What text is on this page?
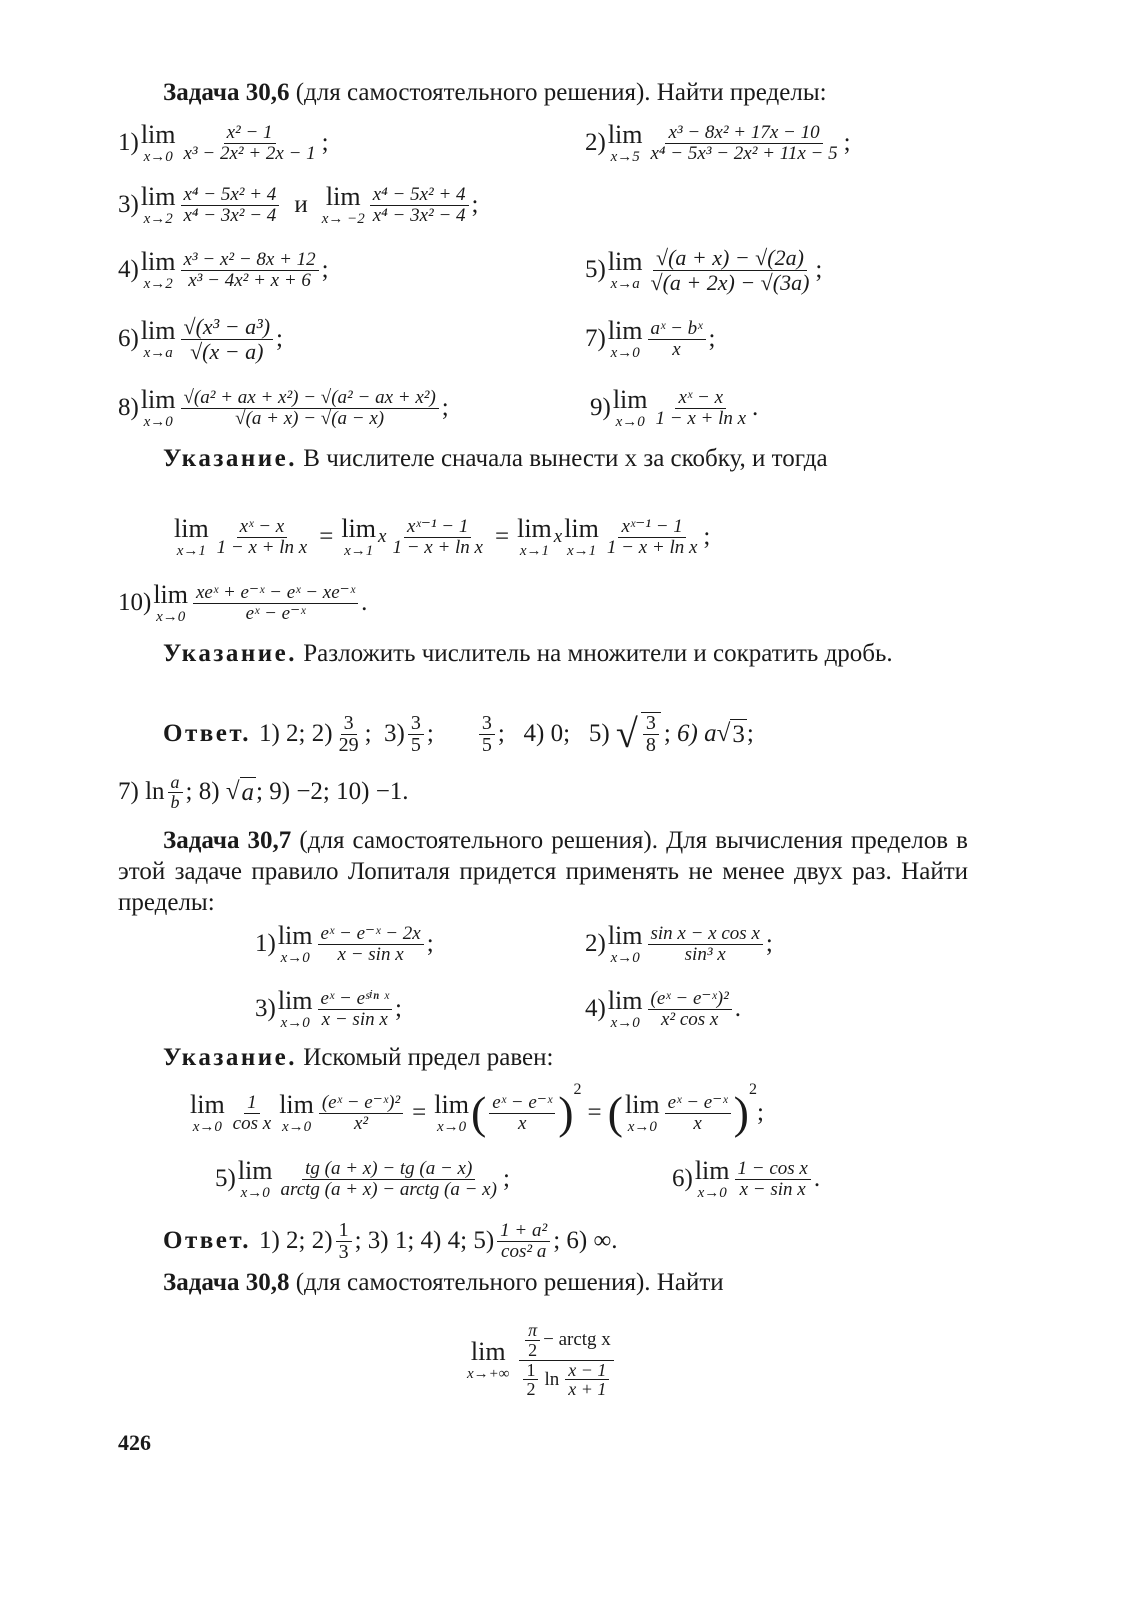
Задача 30,6 (для самостоятельного решения). Найти пределы:
1) lim
$x\to 0 \frac{\text{x² − 1}}{\text{x³ − 2x² + 2x − 1}}$ ;	2) lim
$x\to 5 \frac{\text{x³ − 8x² + 17x − 10}}{\text{x⁴ − 5x³ − 2x² + 11x − 5}}$ ;
3) lim
$x\to 2 \frac{\text{x⁴ − 5x² + 4}}{\text{x⁴ − 3x² − 4}}$ и lim
$x\to -2 \frac{\text{x⁴ − 5x² + 4}}{\text{x⁴ − 3x² − 4}}$ ;
4) lim
$x\to 2 \frac{\text{x³ − x² − 8x + 12}}{\text{x³ − 4x² + x + 6}}$ ;	5) lim
$x\to a \frac{√(a + x) - √(2a)}{√(a + 2x) - √(3a)}$ ;
6) lim
$x\to a \frac{\text{√(x³ − a³)}}{√(x - a)}$ ;	7) lim
$x\to 0 \frac{\text{aˣ − bˣ}}{x}$ ;
8) lim
$x\to 0 \frac{\text{√(a² + ax + x²) − √(a² − ax + x²)}}{√(a + x) - √(a - x)}$ ;	9) lim
$x\to 0 \frac{\text{xˣ − x}}{\text{1 − x + ln x}}$ .
Указание. В числителе сначала вынести x за скобку, и тогда
lim
$x\to 1 \frac{\text{xˣ − x}}{\text{1 − x + ln x}} = \lim$
x→1
x $\frac{\text{xˣ⁻¹ − 1}}{\text{1 − x + ln x}} = \lim$
x→1
x lim
$x\to 1 \frac{\text{xˣ⁻¹ − 1}}{\text{1 − x + ln x}}$ ;
10) lim
$x\to 0 \frac{\text{xeˣ + e⁻ˣ − eˣ − xe⁻ˣ}}{\text{eˣ − e⁻ˣ}}$ .
Указание. Разложить числитель на множители и сократить дробь.
Ответ. 1) 2;
$2) \frac{3}{29}$ ;
$3) \frac{3}{5}$ ; $\frac{3}{5}$ ;
4) 0;
5)
√ $\frac{3}{8}$ ;
6) a √ 3 ;
7) $\ln \frac{a}{b}$ ; 8)
√ a ; 9) −2; 10) −1.
Задача 30,7 (для самостоятельного решения). Для вычисления пределов в этой задаче правило Лопиталя придется применять не менее двух раз. Найти пределы:
1) lim
$x\to 0 \frac{\text{eˣ − e⁻ˣ − 2x}}{\text{x − sin x}}$ ;	2) lim
$x\to 0 \frac{\text{sin x − x cos x}}{\text{sin³ x}}$ ;
3) lim
$x\to 0 \frac{\text{eˣ − eˢⁱⁿ ˣ}}{\text{x − sin x}}$ ;	4) lim
$x\to 0 \frac{\text{(eˣ − e⁻ˣ)²}}{\text{x² cos x}}$ .
Указание. Искомый предел равен:
lim
$x\to 0 \frac{1}{\text{cos x}}$ lim
$x\to 0 \frac{\text{(eˣ − e⁻ˣ)²}}{\text{x²}} = \lim$
x→0 ( $\frac{\text{eˣ − e⁻ˣ}}{x} )^2$
= ( lim
$x\to 0 \frac{\text{eˣ − e⁻ˣ}}{x} )^2$
;
5) lim
$x\to 0 \frac{tg (a + x) - tg (a - x)}{\text{arctg (a + x) − arctg (a − x)}}$ ;	6) lim
$x\to 0 \frac{\text{1 − cos x}}{\text{x − sin x}}$ .
Ответ. 1) 2; $2) \frac{1}{3}$ ; 3) 1; 4) 4; $5) \frac{\text{1 + a²}}{\text{cos² a}}$ ; 6) ∞.
Задача 30,8 (для самостоятельного решения). Найти
lim
$x\to+\infty \frac{\frac{\pi}{2} - arctg x}{\frac{1}{2} \ln \frac{x - 1}{x + 1}}$
426
